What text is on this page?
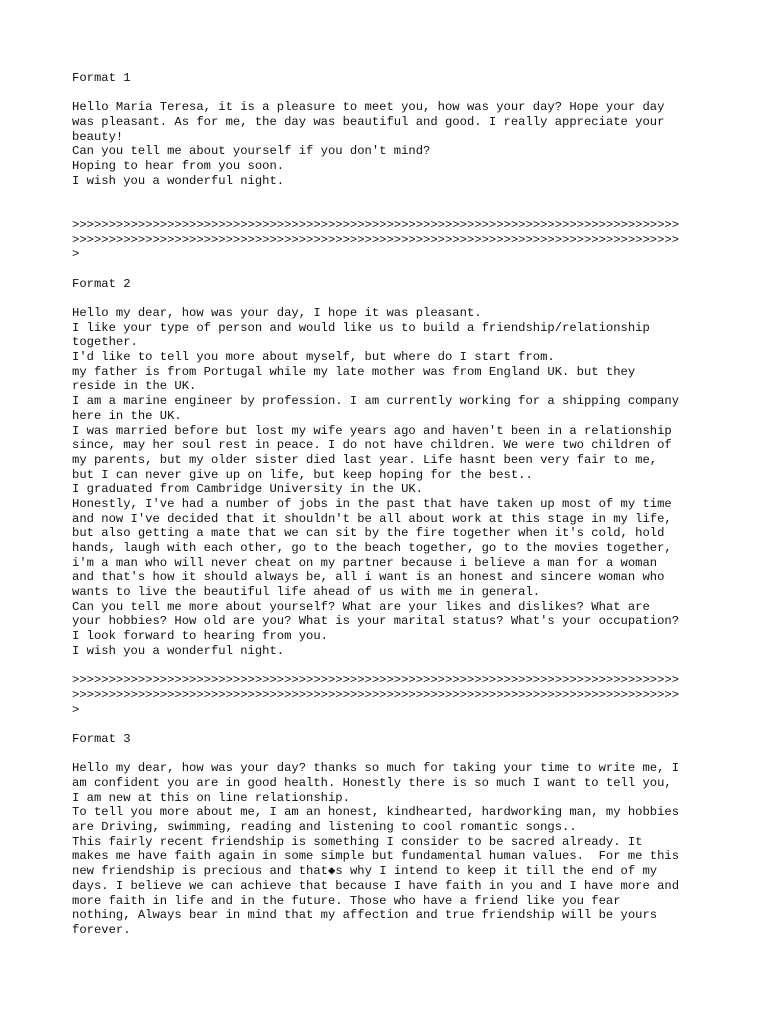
Format 1
Hello Maria Teresa, it is a pleasure to meet you, how was your day? Hope your day
was pleasant. As for me, the day was beautiful and good. I really appreciate your
beauty!
Can you tell me about yourself if you don't mind?
Hoping to hear from you soon.
I wish you a wonderful night.
>>>>>>>>>>>>>>>>>>>>>>>>>>>>>>>>>>>>>>>>>>>>>>>>>>>>>>>>>>>>>>>>>>>>>>>>>>>>>>>>>>>
>>>>>>>>>>>>>>>>>>>>>>>>>>>>>>>>>>>>>>>>>>>>>>>>>>>>>>>>>>>>>>>>>>>>>>>>>>>>>>>>>>>
>
Format 2
Hello my dear, how was your day, I hope it was pleasant.
I like your type of person and would like us to build a friendship/relationship
together.
I'd like to tell you more about myself, but where do I start from.
my father is from Portugal while my late mother was from England UK. but they
reside in the UK.
I am a marine engineer by profession. I am currently working for a shipping company
here in the UK.
I was married before but lost my wife years ago and haven't been in a relationship
since, may her soul rest in peace. I do not have children. We were two children of
my parents, but my older sister died last year. Life hasnt been very fair to me,
but I can never give up on life, but keep hoping for the best..
I graduated from Cambridge University in the UK.
Honestly, I've had a number of jobs in the past that have taken up most of my time
and now I've decided that it shouldn't be all about work at this stage in my life,
but also getting a mate that we can sit by the fire together when it's cold, hold
hands, laugh with each other, go to the beach together, go to the movies together,
i'm a man who will never cheat on my partner because i believe a man for a woman
and that's how it should always be, all i want is an honest and sincere woman who
wants to live the beautiful life ahead of us with me in general.
Can you tell me more about yourself? What are your likes and dislikes? What are
your hobbies? How old are you? What is your marital status? What's your occupation?
I look forward to hearing from you.
I wish you a wonderful night.
>>>>>>>>>>>>>>>>>>>>>>>>>>>>>>>>>>>>>>>>>>>>>>>>>>>>>>>>>>>>>>>>>>>>>>>>>>>>>>>>>>>
>>>>>>>>>>>>>>>>>>>>>>>>>>>>>>>>>>>>>>>>>>>>>>>>>>>>>>>>>>>>>>>>>>>>>>>>>>>>>>>>>>>
>
Format 3
Hello my dear, how was your day? thanks so much for taking your time to write me, I
am confident you are in good health. Honestly there is so much I want to tell you,
I am new at this on line relationship.
To tell you more about me, I am an honest, kindhearted, hardworking man, my hobbies
are Driving, swimming, reading and listening to cool romantic songs..
This fairly recent friendship is something I consider to be sacred already. It
makes me have faith again in some simple but fundamental human values.  For me this
new friendship is precious and that◆s why I intend to keep it till the end of my
days. I believe we can achieve that because I have faith in you and I have more and
more faith in life and in the future. Those who have a friend like you fear
nothing, Always bear in mind that my affection and true friendship will be yours
forever.
